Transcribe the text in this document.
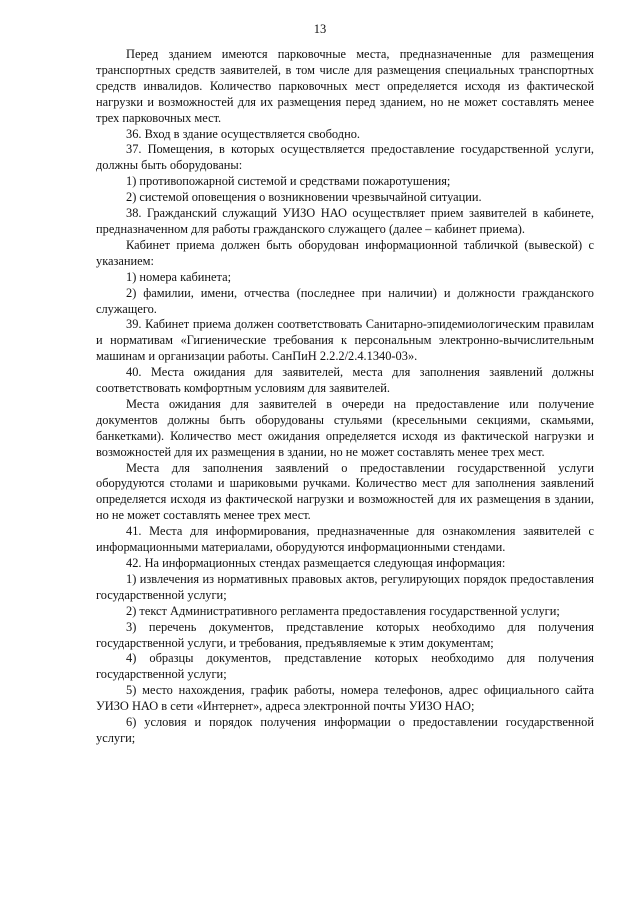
13

Перед зданием имеются парковочные места, предназначенные для размещения транспортных средств заявителей, в том числе для размещения специальных транспортных средств инвалидов. Количество парковочных мест определяется исходя из фактической нагрузки и возможностей для их размещения перед зданием, но не может составлять менее трех парковочных мест.

36. Вход в здание осуществляется свободно.

37. Помещения, в которых осуществляется предоставление государственной услуги, должны быть оборудованы:

1) противопожарной системой и средствами пожаротушения;

2) системой оповещения о возникновении чрезвычайной ситуации.

38. Гражданский служащий УИЗО НАО осуществляет прием заявителей в кабинете, предназначенном для работы гражданского служащего (далее – кабинет приема).

Кабинет приема должен быть оборудован информационной табличкой (вывеской) с указанием:

1) номера кабинета;

2) фамилии, имени, отчества (последнее при наличии) и должности гражданского служащего.

39. Кабинет приема должен соответствовать Санитарно-эпидемиологическим правилам и нормативам «Гигиенические требования к персональным электронно-вычислительным машинам и организации работы. СанПиН 2.2.2/2.4.1340-03».

40. Места ожидания для заявителей, места для заполнения заявлений должны соответствовать комфортным условиям для заявителей.

Места ожидания для заявителей в очереди на предоставление или получение документов должны быть оборудованы стульями (кресельными секциями, скамьями, банкетками). Количество мест ожидания определяется исходя из фактической нагрузки и возможностей для их размещения в здании, но не может составлять менее трех мест.

Места для заполнения заявлений о предоставлении государственной услуги оборудуются столами и шариковыми ручками. Количество мест для заполнения заявлений определяется исходя из фактической нагрузки и возможностей для их размещения в здании, но не может составлять менее трех мест.

41. Места для информирования, предназначенные для ознакомления заявителей с информационными материалами, оборудуются информационными стендами.

42. На информационных стендах размещается следующая информация:

1) извлечения из нормативных правовых актов, регулирующих порядок предоставления государственной услуги;

2) текст Административного регламента предоставления государственной услуги;

3) перечень документов, представление которых необходимо для получения государственной услуги, и требования, предъявляемые к этим документам;

4) образцы документов, представление которых необходимо для получения государственной услуги;

5) место нахождения, график работы, номера телефонов, адрес официального сайта УИЗО НАО в сети «Интернет», адреса электронной почты УИЗО НАО;

6) условия и порядок получения информации о предоставлении государственной услуги;
